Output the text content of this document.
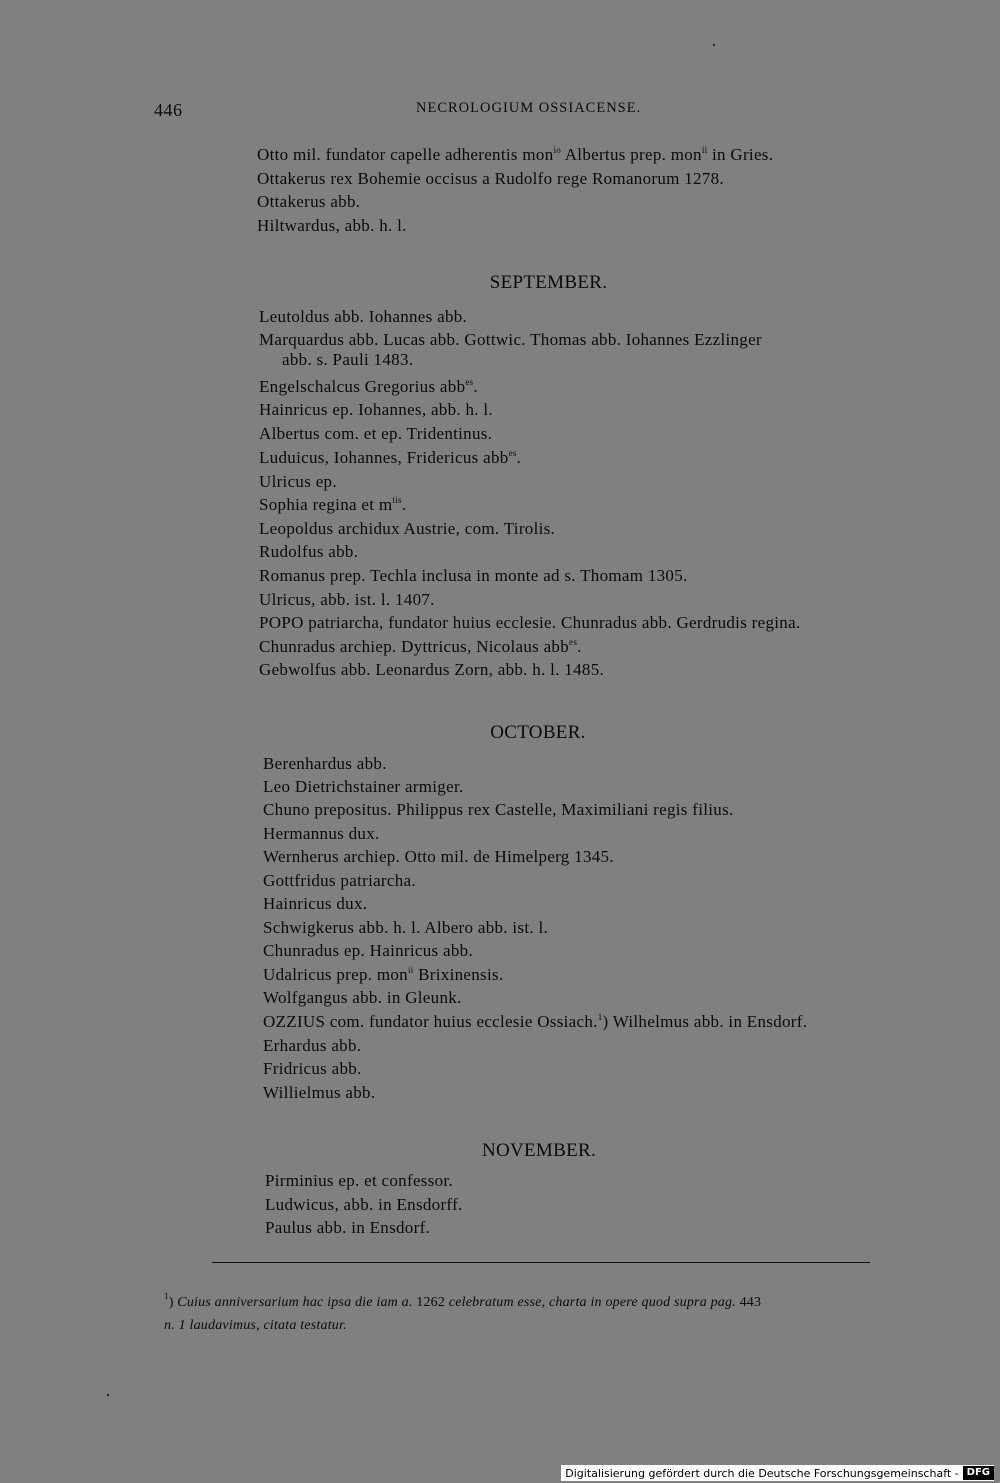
446	NECROLOGIUM OSSIACENSE.
SEPTEMBER.
OCTOBER.
NOVEMBER.
Otto mil. fundator capelle adherentis mon$^{io}$ Albertus prep. mon$^{ii}$ in Gries.
Ottakerus rex Bohemie occisus a Rudolfo rege Romanorum 1278.
Ottakerus abb.
Hiltwardus, abb. h. l.
Leutoldus abb. Iohannes abb.
Marquardus abb. Lucas abb. Gottwic. Thomas abb. Iohannes Ezzlinger
abb. s. Pauli 1483.
Engelschalcus Gregorius abb$^{es}$.
Hainricus ep. Iohannes, abb. h. l.
Albertus com. et ep. Tridentinus.
Luduicus, Iohannes, Fridericus abb$^{es}$.
Ulricus ep.
Sophia regina et $m^{tis}$.
Leopoldus archidux Austrie, com. Tirolis.
Rudolfus abb.
Romanus prep. Techla inclusa in monte ad s. Thomam 1305.
Ulricus, abb. ist. l. 1407.
POPO patriarcha, fundator huius ecclesie. Chunradus abb. Gerdrudis regina.
Chunradus archiep. Dyttricus, Nicolaus abb$^{es}$.
Gebwolfus abb. Leonardus Zorn, abb. h. l. 1485.
Berenhardus abb.
Leo Dietrichstainer armiger.
Chuno prepositus. Philippus rex Castelle, Maximiliani regis filius.
Hermannus dux.
Wernherus archiep. Otto mil. de Himelperg 1345.
Gottfridus patriarcha.
Hainricus dux.
Schwigkerus abb. h. l. Albero abb. ist. l.
Chunradus ep. Hainricus abb.
Udalricus prep. mon$^{ii}$ Brixinensis.
Wolfgangus abb. in Gleunk.
OZZIUS com. fundator huius ecclesie Ossiach.$^1$) Wilhelmus abb. in Ensdorf.
Erhardus abb.
Fridricus abb.
Willielmus abb.
Pirminius ep. et confessor.
Ludwicus, abb. in Ensdorff.
Paulus abb. in Ensdorf.
$^1$) Cuius anniversarium hac ipsa die iam a. 1262 celebratum esse, charta in opere quod supra pag. 443
n. 1 laudavimus, citata testatur.
Digitalisierung gefördert durch die Deutsche Forschungsgemeinschaft - DFG
